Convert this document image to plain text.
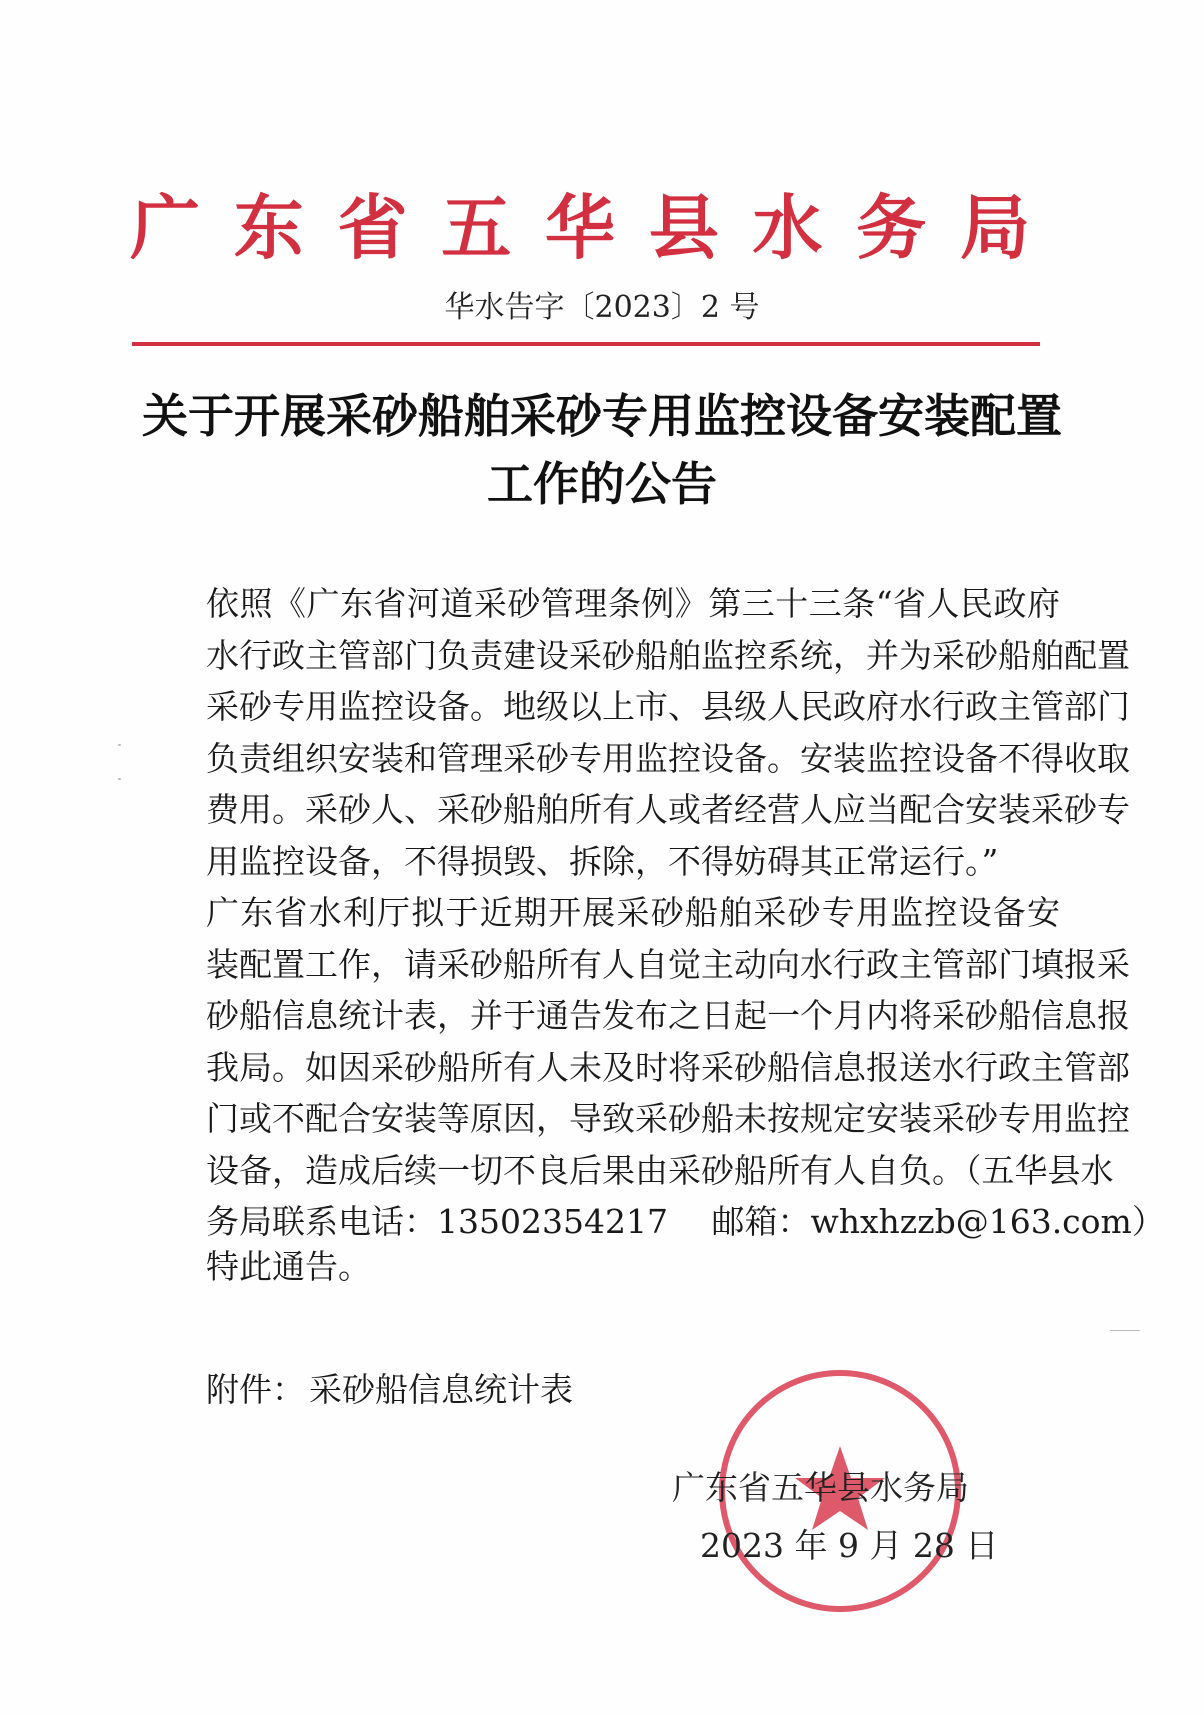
广 东 省 五 华 县 水 务 局
华水告字〔2023〕2 号
关于开展采砂船舶采砂专用监控设备安装配置
工作的公告

依照《广东省河道采砂管理条例》第三十三条“省人民政府
水行政主管部门负责建设采砂船舶监控系统，并为采砂船舶配置
采砂专用监控设备。地级以上市、县级人民政府水行政主管部门
负责组织安装和管理采砂专用监控设备。安装监控设备不得收取
费用。采砂人、采砂船舶所有人或者经营人应当配合安装采砂专
用监控设备，不得损毁、拆除，不得妨碍其正常运行。”

广东省水利厅拟于近期开展采砂船舶采砂专用监控设备安
装配置工作，请采砂船所有人自觉主动向水行政主管部门填报采
砂船信息统计表，并于通告发布之日起一个月内将采砂船信息报
我局。如因采砂船所有人未及时将采砂船信息报送水行政主管部
门或不配合安装等原因，导致采砂船未按规定安装采砂专用监控
设备，造成后续一切不良后果由采砂船所有人自负。（五华县水
务局联系电话：13502354217　 邮箱：whxhzzb@163.com）

特此通告。
附件： 采砂船信息统计表
广东省五华县水务局
2023 年 9 月 28 日
